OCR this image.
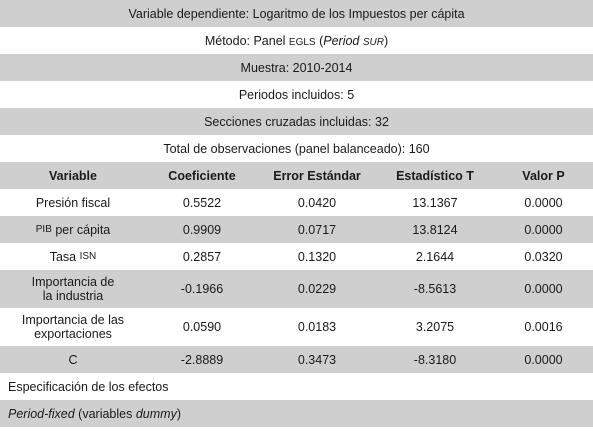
Variable dependiente: Logaritmo de los Impuestos per cápita
Método: Panel EGLS (Period SUR)
Muestra: 2010-2014
Periodos incluidos: 5
Secciones cruzadas incluidas: 32
Total de observaciones (panel balanceado): 160
Variable	Coeficiente	Error Estándar	Estadístico T	Valor P
Presión fiscal	0.5522	0.0420	13.1367	0.0000
PIB per cápita	0.9909	0.0717	13.8124	0.0000
Tasa ISN	0.2857	0.1320	2.1644	0.0320
Importancia de
la industria	-0.1966	0.0229	-8.5613	0.0000
Importancia de las
exportaciones	0.0590	0.0183	3.2075	0.0016
C	-2.8889	0.3473	-8.3180	0.0000
Especificación de los efectos
Period-fixed (variables dummy)
